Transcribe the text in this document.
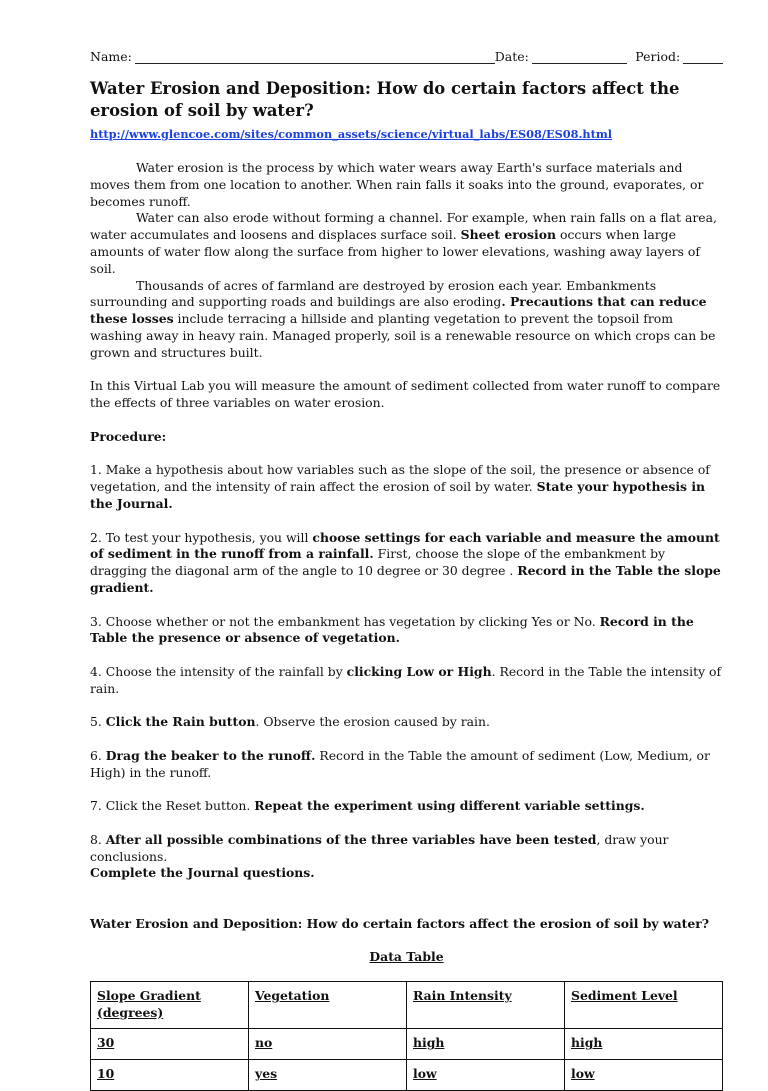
Name:	Date:	Period:
Water Erosion and Deposition: How do certain factors affect the erosion of soil by water? http://www.glencoe.com/sites/common_assets/science/virtual_labs/ES08/ES08.html

Water erosion is the process by which water wears away Earth's surface materials and moves them from one location to another. When rain falls it soaks into the ground, evaporates, or becomes runoff.

Water can also erode without forming a channel. For example, when rain falls on a flat area, water accumulates and loosens and displaces surface soil. Sheet erosion occurs when large amounts of water flow along the surface from higher to lower elevations, washing away layers of soil.

Thousands of acres of farmland are destroyed by erosion each year. Embankments surrounding and supporting roads and buildings are also eroding. Precautions that can reduce these losses include terracing a hillside and planting vegetation to prevent the topsoil from washing away in heavy rain. Managed properly, soil is a renewable resource on which crops can be grown and structures built.

In this Virtual Lab you will measure the amount of sediment collected from water runoff to compare the effects of three variables on water erosion.

Procedure:

1. Make a hypothesis about how variables such as the slope of the soil, the presence or absence of vegetation, and the intensity of rain affect the erosion of soil by water. State your hypothesis in the Journal.

2. To test your hypothesis, you will choose settings for each variable and measure the amount of sediment in the runoff from a rainfall. First, choose the slope of the embankment by dragging the diagonal arm of the angle to 10 degree or 30 degree . Record in the Table the slope gradient.

3. Choose whether or not the embankment has vegetation by clicking Yes or No. Record in the Table the presence or absence of vegetation.

4. Choose the intensity of the rainfall by clicking Low or High. Record in the Table the intensity of rain.

5. Click the Rain button. Observe the erosion caused by rain.

6. Drag the beaker to the runoff. Record in the Table the amount of sediment (Low, Medium, or High) in the runoff.

7. Click the Reset button. Repeat the experiment using different variable settings.

8. After all possible combinations of the three variables have been tested, draw your conclusions.
Complete the Journal questions.

Water Erosion and Deposition: How do certain factors affect the erosion of soil by water?

Data Table

Slope Gradient (degrees)	Vegetation	Rain Intensity	Sediment Level
30	no	high	high
10	yes	low	low
